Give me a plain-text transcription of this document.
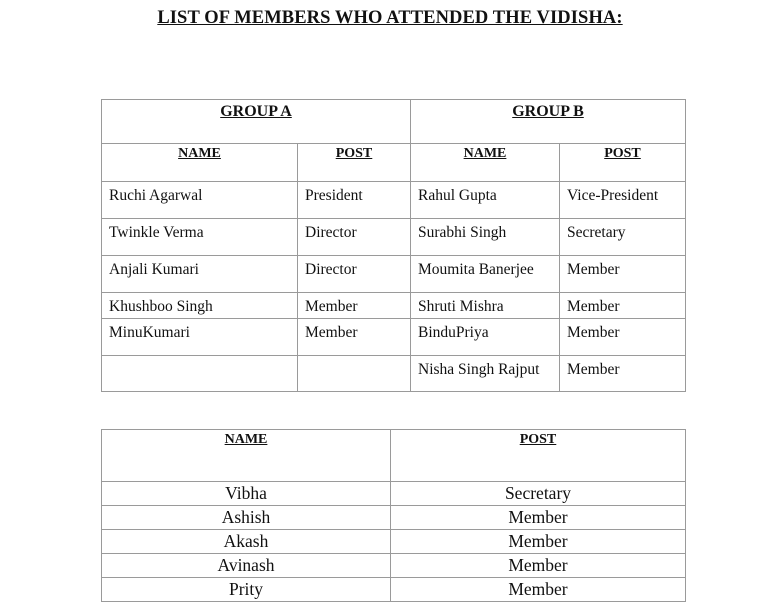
LIST OF MEMBERS WHO ATTENDED THE VIDISHA:
GROUP A		GROUP B	
NAME	POST	NAME	POST
Ruchi Agarwal	President	Rahul Gupta	Vice-President
Twinkle Verma	Director	Surabhi Singh	Secretary
Anjali Kumari	Director	Moumita Banerjee	Member
Khushboo Singh	Member	Shruti Mishra	Member
MinuKumari	Member	BinduPriya	Member
		Nisha Singh Rajput	Member
NAME	POST
Vibha	Secretary
Ashish	Member
Akash	Member
Avinash	Member
Prity	Member
